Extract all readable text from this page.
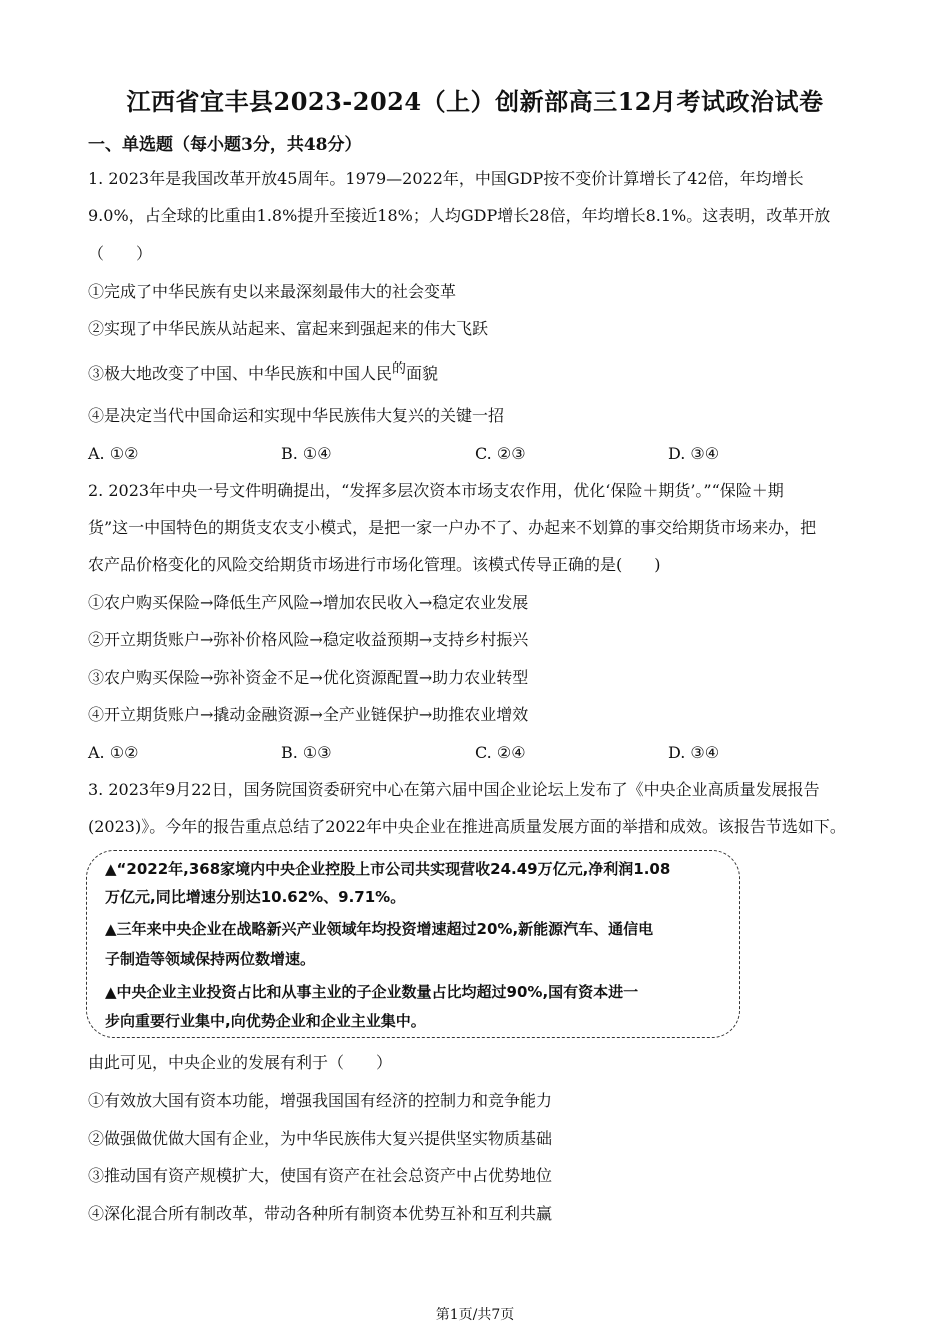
江西省宜丰县2023-2024（上）创新部高三12月考试政治试卷
一、单选题（每小题3分，共48分）
1. 2023年是我国改革开放45周年。1979—2022年，中国GDP按不变价计算增长了42倍，年均增长
9.0%，占全球的比重由1.8%提升至接近18%；人均GDP增长28倍，年均增长8.1%。这表明，改革开放
（　　）
①完成了中华民族有史以来最深刻最伟大的社会变革
②实现了中华民族从站起来、富起来到强起来的伟大飞跃
③极大地改变了中国、中华民族和中国人民的面貌
④是决定当代中国命运和实现中华民族伟大复兴的关键一招
A. ①②	B. ①④	C. ②③	D. ③④
2. 2023年中央一号文件明确提出，“发挥多层次资本市场支农作用，优化‘保险＋期货’。”“保险＋期
货”这一中国特色的期货支农支小模式，是把一家一户办不了、办起来不划算的事交给期货市场来办，把
农产品价格变化的风险交给期货市场进行市场化管理。该模式传导正确的是(　　)
①农户购买保险→降低生产风险→增加农民收入→稳定农业发展
②开立期货账户→弥补价格风险→稳定收益预期→支持乡村振兴
③农户购买保险→弥补资金不足→优化资源配置→助力农业转型
④开立期货账户→撬动金融资源→全产业链保护→助推农业增效
A. ①②	B. ①③	C. ②④	D. ③④
3. 2023年9月22日，国务院国资委研究中心在第六届中国企业论坛上发布了《中央企业高质量发展报告
(2023)》。今年的报告重点总结了2022年中央企业在推进高质量发展方面的举措和成效。该报告节选如下。
▲“2022年,368家境内中央企业控股上市公司共实现营收24.49万亿元,净利润1.08
万亿元,同比增速分别达10.62%、9.71%。
▲三年来中央企业在战略新兴产业领域年均投资增速超过20%,新能源汽车、通信电
子制造等领域保持两位数增速。
▲中央企业主业投资占比和从事主业的子企业数量占比均超过90%,国有资本进一
步向重要行业集中,向优势企业和企业主业集中。
由此可见，中央企业的发展有利于（　　）
①有效放大国有资本功能，增强我国国有经济的控制力和竞争能力
②做强做优做大国有企业，为中华民族伟大复兴提供坚实物质基础
③推动国有资产规模扩大，使国有资产在社会总资产中占优势地位
④深化混合所有制改革，带动各种所有制资本优势互补和互利共赢
第1页/共7页
